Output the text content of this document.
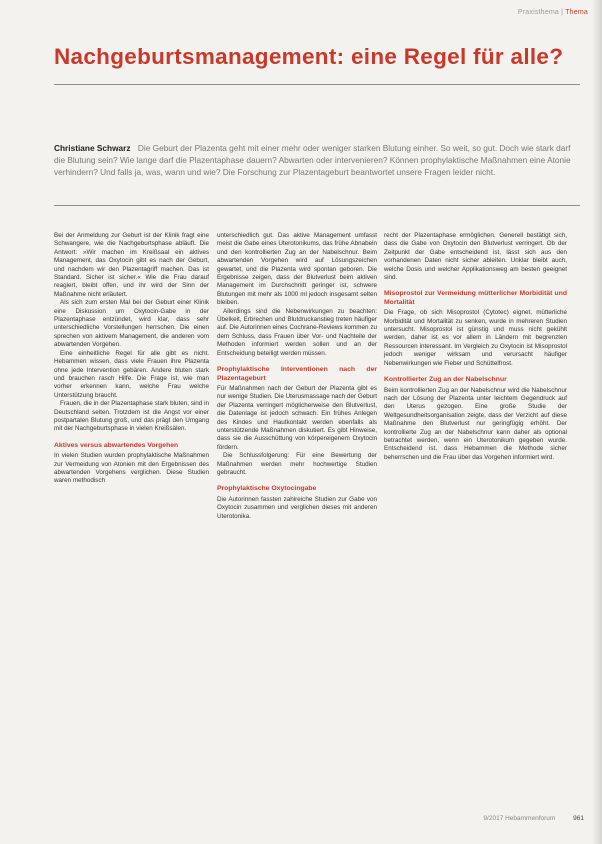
Praxisthema | Thema
Nachgeburtsmanagement: eine Regel für alle?

Christiane Schwarz Die Geburt der Plazenta geht mit einer mehr oder weniger starken Blutung einher. So weit, so gut. Doch wie stark darf die Blutung sein? Wie lange darf die Plazentaphase dauern? Abwarten oder intervenieren? Können prophylaktische Maßnahmen eine Atonie verhindern? Und falls ja, was, wann und wie? Die Forschung zur Plazentageburt beantwortet unsere Fragen leider nicht.

Bei der Anmeldung zur Geburt ist der Klinik fragt eine Schwangere, wie die Nachgeburtsphase abläuft. Die Antwort: »Wir machen im Kreißsaal ein aktives Management, das Oxytocin gibt es nach der Geburt, und nachdem wir den Plazentagriff machen. Das ist Standard. Sicher ist sicher.« Wie die Frau darauf reagiert, bleibt offen, und ihr wird der Sinn der Maßnahme nicht erläutert.

Als sich zum ersten Mal bei der Geburt einer Klinik eine Diskussion um Oxytocin-Gabe in der Plazentaphase entzündet, wird klar, dass sehr unterschiedliche Vorstellungen herrschen. Die einen sprechen von aktivem Management, die anderen vom abwartenden Vorgehen.

Eine einheitliche Regel für alle gibt es nicht. Hebammen wissen, dass viele Frauen ihre Plazenta ohne jede Intervention gebären. Andere bluten stark und brauchen rasch Hilfe. Die Frage ist, wie man vorher erkennen kann, welche Frau welche Unterstützung braucht.

Frauen, die in der Plazentaphase stark bluten, sind in Deutschland selten. Trotzdem ist die Angst vor einer postpartalen Blutung groß, und das prägt den Umgang mit der Nachgeburtsphase in vielen Kreißsälen.

Aktives versus abwartendes Vorgehen

In vielen Studien wurden prophylaktische Maßnahmen zur Vermeidung von Atonien mit den Ergebnissen des abwartenden Vorgehens verglichen. Diese Studien waren methodisch

unterschiedlich gut. Das aktive Management umfasst meist die Gabe eines Uterotonikums, das frühe Abnabeln und den kontrollierten Zug an der Nabelschnur. Beim abwartenden Vorgehen wird auf Lösungszeichen gewartet, und die Plazenta wird spontan geboren. Die Ergebnisse zeigen, dass der Blutverlust beim aktiven Management im Durchschnitt geringer ist, schwere Blutungen mit mehr als 1000 ml jedoch insgesamt selten bleiben.

Allerdings sind die Nebenwirkungen zu beachten: Übelkeit, Erbrechen und Blutdruckanstieg treten häufiger auf. Die Autorinnen eines Cochrane-Reviews kommen zu dem Schluss, dass Frauen über Vor- und Nachteile der Methoden informiert werden sollen und an der Entscheidung beteiligt werden müssen.

Prophylaktische Interventionen nach der Plazentageburt

Für Maßnahmen nach der Geburt der Plazenta gibt es nur wenige Studien. Die Uterusmassage nach der Geburt der Plazenta verringert möglicherweise den Blutverlust, die Datenlage ist jedoch schwach. Ein frühes Anlegen des Kindes und Hautkontakt werden ebenfalls als unterstützende Maßnahmen diskutiert. Es gibt Hinweise, dass sie die Ausschüttung von körpereigenem Oxytocin fördern.

Die Schlussfolgerung: Für eine Bewertung der Maßnahmen werden mehr hochwertige Studien gebraucht.

Prophylaktische Oxytocingabe

Die Autorinnen fassten zahlreiche Studien zur Gabe von Oxytocin zusammen und verglichen dieses mit anderen Uterotonika.

recht der Plazentaphase ermöglichen. Generell bestätigt sich, dass die Gabe von Oxytocin den Blutverlust verringert. Ob der Zeitpunkt der Gabe entscheidend ist, lässt sich aus den vorhandenen Daten nicht sicher ableiten. Unklar bleibt auch, welche Dosis und welcher Applikationsweg am besten geeignet sind.

Misoprostol zur Vermeidung mütterlicher Morbidität und Mortalität

Die Frage, ob sich Misoprostol (Cytotec) eignet, mütterliche Morbidität und Mortalität zu senken, wurde in mehreren Studien untersucht. Misoprostol ist günstig und muss nicht gekühlt werden, daher ist es vor allem in Ländern mit begrenzten Ressourcen interessant. Im Vergleich zu Oxytocin ist Misoprostol jedoch weniger wirksam und verursacht häufiger Nebenwirkungen wie Fieber und Schüttelfrost.

Kontrollierter Zug an der Nabelschnur

Beim kontrollierten Zug an der Nabelschnur wird die Nabelschnur nach der Lösung der Plazenta unter leichtem Gegendruck auf den Uterus gezogen. Eine große Studie der Weltgesundheitsorganisation zeigte, dass der Verzicht auf diese Maßnahme den Blutverlust nur geringfügig erhöht. Der kontrollierte Zug an der Nabelschnur kann daher als optional betrachtet werden, wenn ein Uterotonikum gegeben wurde. Entscheidend ist, dass Hebammen die Methode sicher beherrschen und die Frau über das Vorgehen informiert wird.

9/2017 Hebammenforum	961
